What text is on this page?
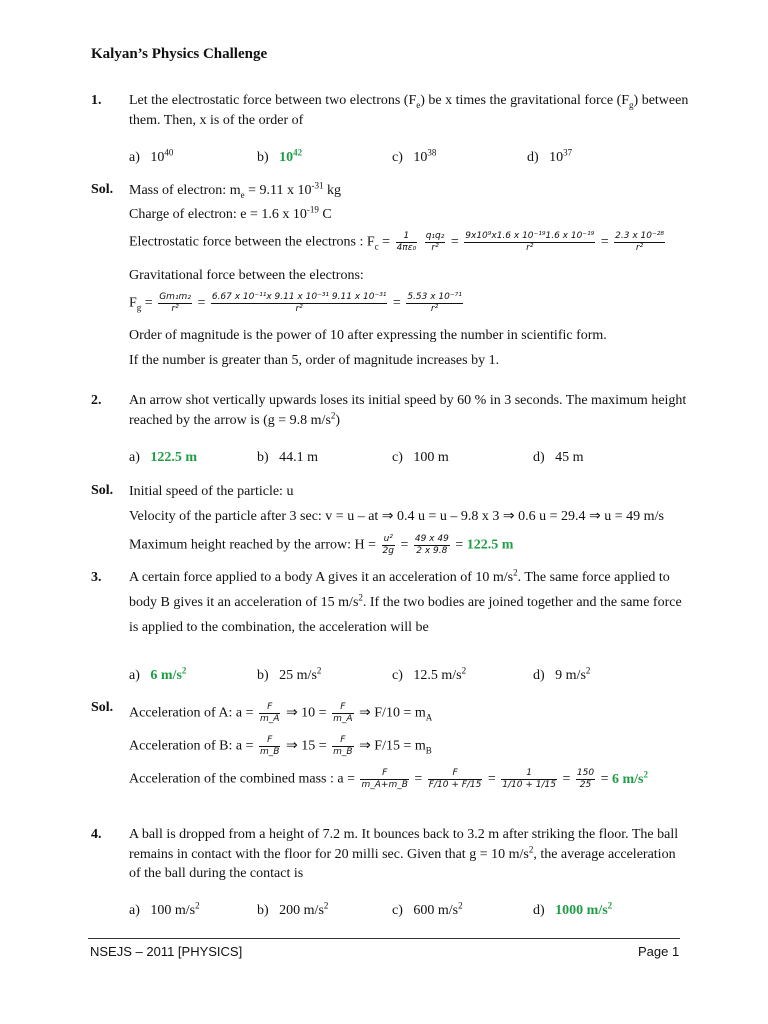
Kalyan’s Physics Challenge
1. Let the electrostatic force between two electrons $(F_e)$ be x times the gravitational force $(F_g)$ between
them. Then, x is of the order of
a) $10^{40}$	b) $10^{42}$	c) $10^{38}$	d) $10^{37}$
Sol. Mass of electron: $m_e = 9.11$ x $10^{-31}$ kg
Charge of electron: e = 1.6 x $10^{-19}$ C
Electrostatic force between the electrons : $F_c = \frac{1}{\text{4πε₀}}$
$\frac{\text{q₁q₂}}{\text{r²}} = \frac{\text{9x10⁹x1.6 x 10⁻¹⁹1.6 x 10⁻¹⁹}}{\text{r²}} = \frac{\text{2.3 x 10⁻²⁸}}{\text{r²}}$
Gravitational force between the electrons:
$F_g = \frac{\text{Gm₁m₂}}{\text{r²}} = \frac{\text{6.67 x 10⁻¹¹x 9.11 x 10⁻³¹ 9.11 x 10⁻³¹}}{\text{r²}} = \frac{\text{5.53 x 10⁻⁷¹}}{\text{r²}}$
Order of magnitude is the power of 10 after expressing the number in scientific form.
If the number is greater than 5, order of magnitude increases by 1.
2. An arrow shot vertically upwards loses its initial speed by 60 % in 3 seconds. The maximum height
reached by the arrow is (g = 9.8 $m/s^2$)
a) 122.5 m	b) 44.1 m	c) 100 m	d) 45 m
Sol. Initial speed of the particle: u
Velocity of the particle after 3 sec: v = u – at ⇒ 0.4 u = u – 9.8 x 3 ⇒ 0.6 u = 29.4 ⇒ u = 49 m/s
Maximum height reached by the arrow: $H = \frac{\text{u²}}{2g} = \frac{49 x 49}{2 x 9.8} = 122.5$ m
3. A certain force applied to a body A gives it an acceleration of 10 $m/s^2$. The same force applied to
body B gives it an acceleration of 15 $m/s^2$. If the two bodies are joined together and the same force
is applied to the combination, the acceleration will be
a) 6 $m/s^2$	b) 25 $m/s^2$	c) 12.5 $m/s^2$	d) 9 $m/s^2$
Sol. Acceleration of A: $a = \frac{F}{m\_A}$ ⇒ $10 = \frac{F}{m\_A}$ ⇒ $F/10 = m_A$
Acceleration of B: $a = \frac{F}{m\_B}$ ⇒ $15 = \frac{F}{m\_B}$ ⇒ $F/15 = m_B$
Acceleration of the combined mass : $a = \frac{F}{m\_A+m\_B} = \frac{F}{F/10 + F/15} = \frac{1}{1/10 + 1/15} = \frac{150}{25} = 6$ $m/s^2$
4. A ball is dropped from a height of 7.2 m. It bounces back to 3.2 m after striking the floor. The ball
remains in contact with the floor for 20 milli sec. Given that g = 10 $m/s^2$, the average acceleration
of the ball during the contact is
a) 100 $m/s^2$	b) 200 $m/s^2$	c) 600 $m/s^2$	d) 1000 $m/s^2$
NSEJS – 2011 [PHYSICS]	Page 1
